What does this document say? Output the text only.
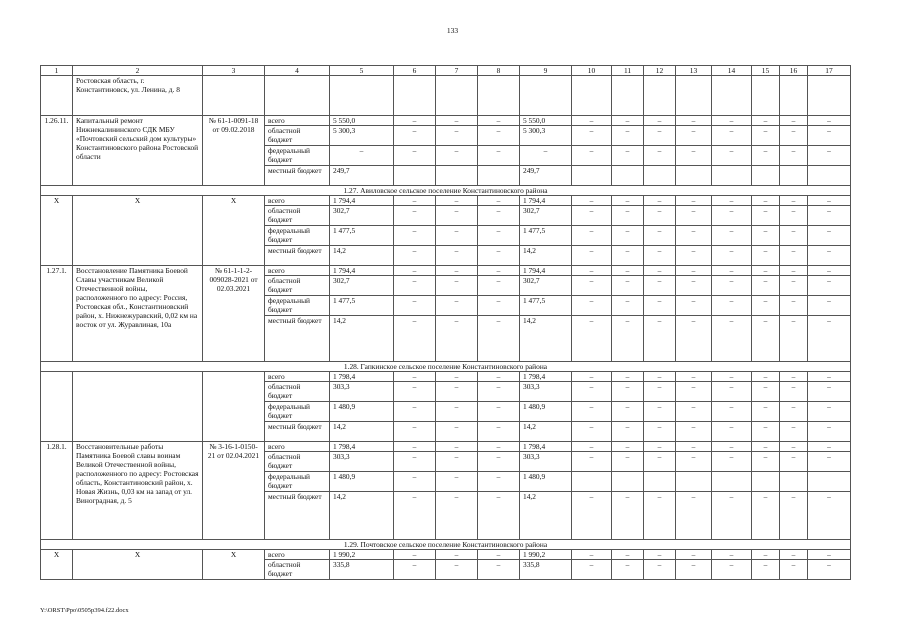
133
1	2	3	4	5	6	7	8	9	10	11	12	13	14	15	16	17
	Ростовская область, г. Константиновск, ул. Ленина, д. 8															
1.26.11.	Капитальный ремонт Нижнекалининского СДК МБУ «Почтовский сельский дом культуры» Константиновского района Ростовской области	№ 61-1-0091-18 от 09.02.2018	всего	5 550,0	–	–	–	5 550,0	–	–	–	–	–	–	–	–
			областной бюджет	5 300,3	–	–	–	5 300,3	–	–	–	–	–	–	–	–
			федеральный бюджет	–	–	–	–	–	–	–	–	–	–	–	–	–
			местный бюджет	249,7				249,7								
1.27. Авиловское сельское поселение Константиновского района																
Х	Х	Х	всего	1 794,4	–	–	–	1 794,4	–	–	–	–	–	–	–	–
			областной бюджет	302,7	–	–	–	302,7	–	–	–	–	–	–	–	–
			федеральный бюджет	1 477,5	–	–	–	1 477,5	–	–	–	–	–	–	–	–
			местный бюджет	14,2	–	–	–	14,2	–	–	–	–	–	–	–	–
1.27.1.	Восстановление Памятника Боевой Славы участникам Великой Отечественной войны, расположенного по адресу: Россия, Ростовская обл., Константиновский район, х. Нижнежуравский, 0,02 км на восток от ул. Журавлиная, 10а	№ 61-1-1-2-009028-2021 от 02.03.2021	всего	1 794,4	–	–	–	1 794,4	–	–	–	–	–	–	–	–
			областной бюджет	302,7	–	–	–	302,7	–	–	–	–	–	–	–	–
			федеральный бюджет	1 477,5	–	–	–	1 477,5	–	–	–	–	–	–	–	–
			местный бюджет	14,2	–	–	–	14,2	–	–	–	–	–	–	–	–
1.28. Гапкинское сельское поселение Константиновского района																
			всего	1 798,4	–	–	–	1 798,4	–	–	–	–	–	–	–	–
			областной бюджет	303,3	–	–	–	303,3	–	–	–	–	–	–	–	–
			федеральный бюджет	1 480,9	–	–	–	1 480,9	–	–	–	–	–	–	–	–
			местный бюджет	14,2	–	–	–	14,2	–	–	–	–	–	–	–	–
1.28.1.	Восстановительные работы Памятника Боевой славы воинам Великой Отечественной войны, расположенного по адресу: Ростовская область, Константиновский район, х. Новая Жизнь, 0,03 км на запад от ул. Виноградная, д. 5	№ 3-16-1-0150-21 от 02.04.2021	всего	1 798,4	–	–	–	1 798,4	–	–	–	–	–	–	–	–
			областной бюджет	303,3	–	–	–	303,3	–	–	–	–	–	–	–	–
			федеральный бюджет	1 480,9	–	–	–	1 480,9								
			местный бюджет	14,2	–	–	–	14,2	–	–	–	–	–	–	–	–
1.29. Почтовское сельское поселение Константиновского района																
Х	Х	Х	всего	1 990,2	–	–	–	1 990,2	–	–	–	–	–	–	–	–
			областной бюджет	335,8	–	–	–	335,8	–	–	–	–	–	–	–	–
Y:\ORST\Ppo\0505p394.f22.docx
